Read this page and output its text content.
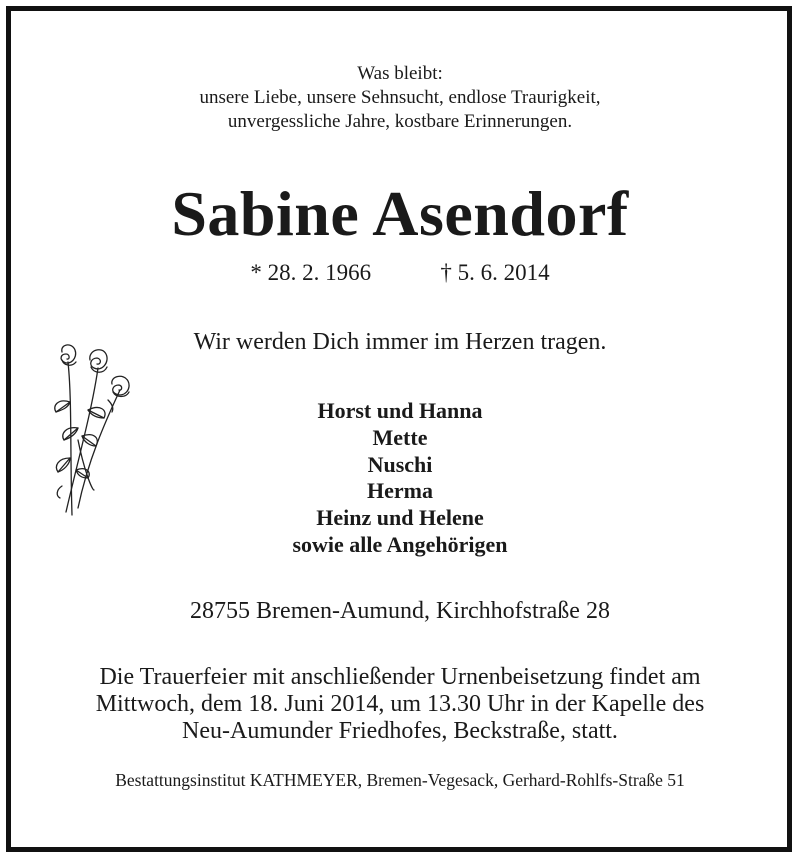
Was bleibt:
unsere Liebe, unsere Sehnsucht, endlose Traurigkeit,
unvergessliche Jahre, kostbare Erinnerungen.
Sabine Asendorf
* 28. 2. 1966	† 5. 6. 2014
Wir werden Dich immer im Herzen tragen.
Horst und Hanna
Mette
Nuschi
Herma
Heinz und Helene
sowie alle Angehörigen
28755 Bremen-Aumund, Kirchhofstraße 28
Die Trauerfeier mit anschließender Urnenbeisetzung findet am
Mittwoch, dem 18. Juni 2014, um 13.30 Uhr in der Kapelle des
Neu-Aumunder Friedhofes, Beckstraße, statt.
Bestattungsinstitut KATHMEYER, Bremen-Vegesack, Gerhard-Rohlfs-Straße 51
